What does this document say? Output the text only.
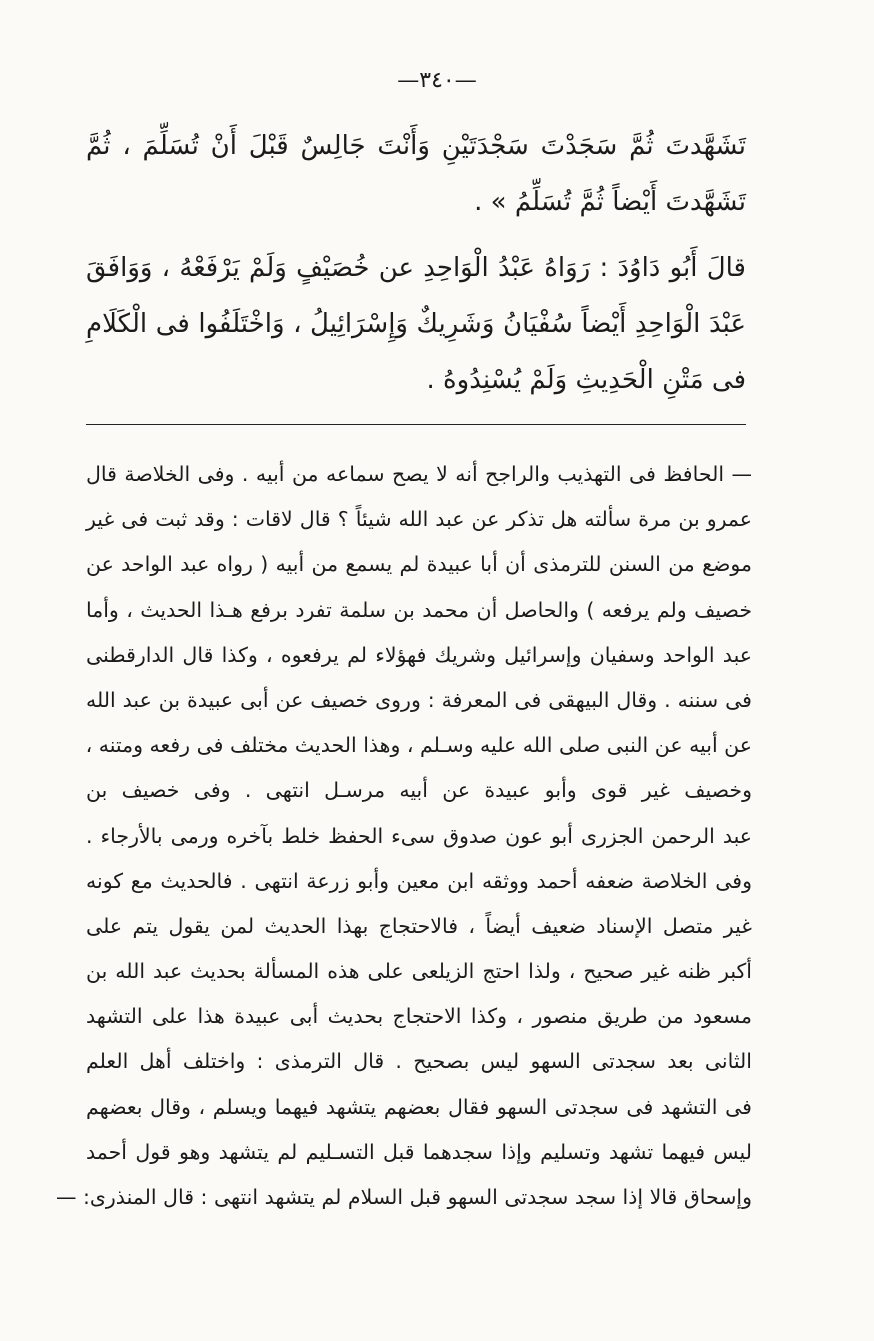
—٣٤٠—

تَشَهَّدتَ ثُمَّ سَجَدْتَ سَجْدَتَيْنِ وَأَنْتَ جَالِسٌ قَبْلَ أَنْ تُسَلِّمَ ، ثُمَّ تَشَهَّدتَ أَيْضاً ثُمَّ تُسَلِّمُ » .

قالَ أَبُو دَاوُدَ : رَوَاهُ عَبْدُ الْوَاحِدِ عن خُصَيْفٍ وَلَمْ يَرْفَعْهُ ، وَوَافَقَ عَبْدَ الْوَاحِدِ أَيْضاً سُفْيَانُ وَشَرِيكٌ وَإِسْرَائِيلُ ، وَاخْتَلَفُوا فى الْكَلَامِ فى مَتْنِ الْحَدِيثِ وَلَمْ يُسْنِدُوهُ .

— الحافظ فى التهذيب والراجح أنه لا يصح سماعه من أبيه . وفى الخلاصة قال
عمرو بن مرة سألته هل تذكر عن عبد الله شيئاً ؟ قال لاقات : وقد ثبت فى غير
موضع من السنن للترمذى أن أبا عبيدة لم يسمع من أبيه ( رواه عبد الواحد عن
خصيف ولم يرفعه ) والحاصل أن محمد بن سلمة تفرد برفع هـذا الحديث ، وأما
عبد الواحد وسفيان وإسرائيل وشريك فهؤلاء لم يرفعوه ، وكذا قال الدارقطنى
فى سننه . وقال البيهقى فى المعرفة : وروى خصيف عن أبى عبيدة بن عبد الله
عن أبيه عن النبى صلى الله عليه وسـلم ، وهذا الحديث مختلف فى رفعه ومتنه ،
وخصيف غير قوى وأبو عبيدة عن أبيه مرسـل انتهى . وفى خصيف بن
عبد الرحمن الجزرى أبو عون صدوق سىء الحفظ خلط بآخره ورمى بالأرجاء .
وفى الخلاصة ضعفه أحمد ووثقه ابن معين وأبو زرعة انتهى . فالحديث مع كونه
غير متصل الإسناد ضعيف أيضاً ، فالاحتجاج بهذا الحديث لمن يقول يتم على
أكبر ظنه غير صحيح ، ولذا احتج الزيلعى على هذه المسألة بحديث عبد الله بن
مسعود من طريق منصور ، وكذا الاحتجاج بحديث أبى عبيدة هذا على التشهد
الثانى بعد سجدتى السهو ليس بصحيح . قال الترمذى : واختلف أهل العلم
فى التشهد فى سجدتى السهو فقال بعضهم يتشهد فيهما ويسلم ، وقال بعضهم
ليس فيهما تشهد وتسليم وإذا سجدهما قبل التسـليم لم يتشهد وهو قول أحمد
وإسحاق قالا إذا سجد سجدتى السهو قبل السلام لم يتشهد انتهى : قال المنذرى: —
